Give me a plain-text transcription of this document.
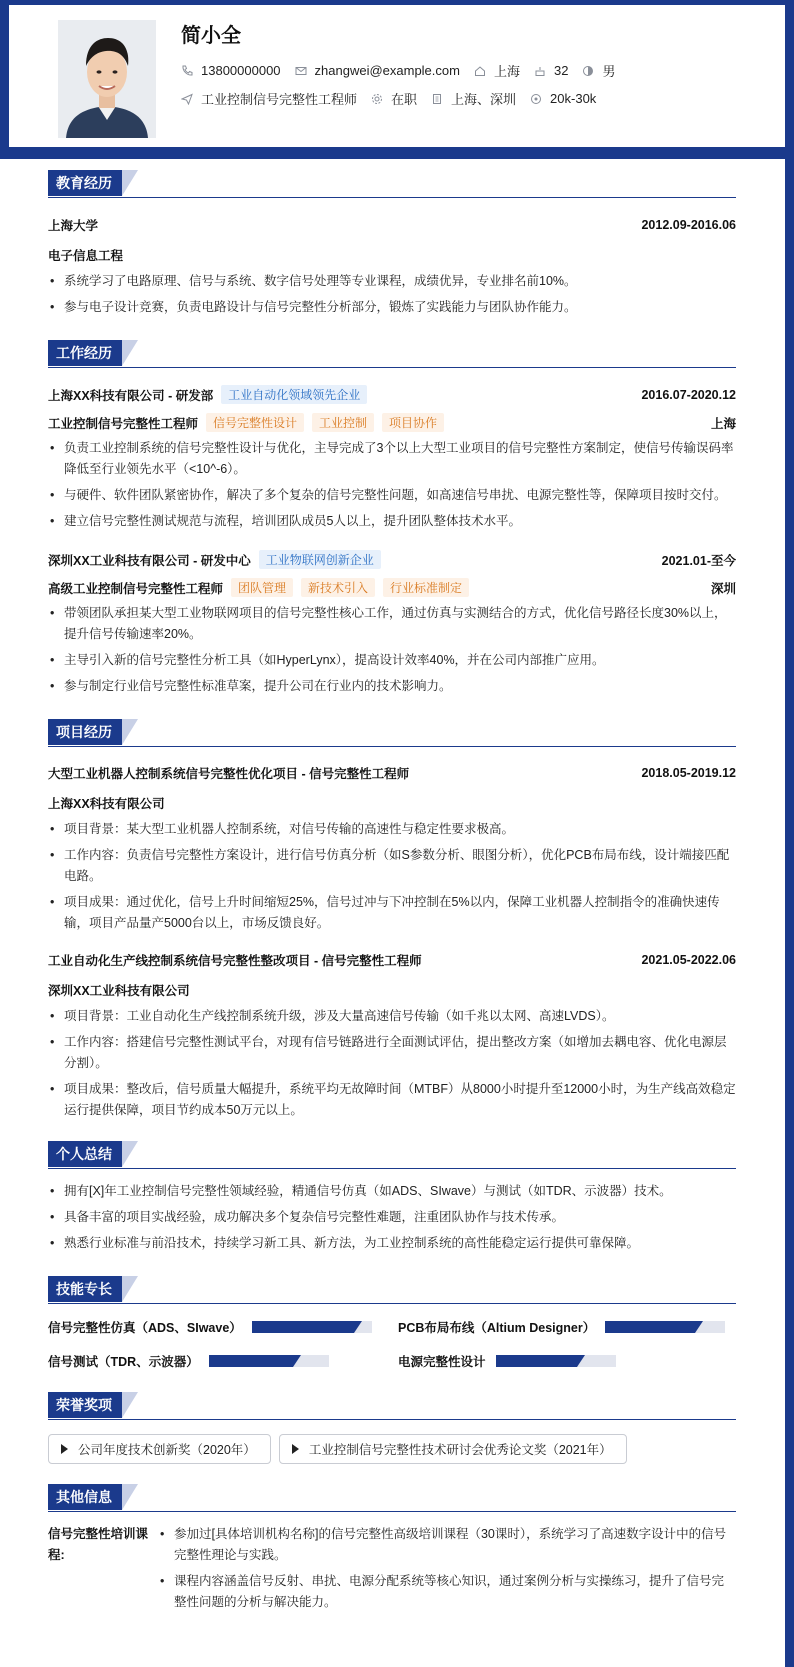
简小全
13800000000	zhangwei@example.com	上海	32	男
工业控制信号完整性工程师	在职	上海、深圳	20k-30k
教育经历
上海大学	2012.09-2016.06
电子信息工程
• 系统学习了电路原理、信号与系统、数字信号处理等专业课程，成绩优异，专业排名前10%。
• 参与电子设计竞赛，负责电路设计与信号完整性分析部分，锻炼了实践能力与团队协作能力。
工作经历
上海XX科技有限公司 - 研发部	工业自动化领域领先企业	2016.07-2020.12
工业控制信号完整性工程师	信号完整性设计	工业控制	项目协作	上海
• 负责工业控制系统的信号完整性设计与优化，主导完成了3个以上大型工业项目的信号完整性方案制定，使信号传输误码率降低至行业领先水平（<10^-6）。
• 与硬件、软件团队紧密协作，解决了多个复杂的信号完整性问题，如高速信号串扰、电源完整性等，保障项目按时交付。
• 建立信号完整性测试规范与流程，培训团队成员5人以上，提升团队整体技术水平。
深圳XX工业科技有限公司 - 研发中心	工业物联网创新企业	2021.01-至今
高级工业控制信号完整性工程师	团队管理	新技术引入	行业标准制定	深圳
• 带领团队承担某大型工业物联网项目的信号完整性核心工作，通过仿真与实测结合的方式，优化信号路径长度30%以上，提升信号传输速率20%。
• 主导引入新的信号完整性分析工具（如HyperLynx），提高设计效率40%，并在公司内部推广应用。
• 参与制定行业信号完整性标准草案，提升公司在行业内的技术影响力。
项目经历
大型工业机器人控制系统信号完整性优化项目 - 信号完整性工程师	2018.05-2019.12
上海XX科技有限公司
• 项目背景：某大型工业机器人控制系统，对信号传输的高速性与稳定性要求极高。
• 工作内容：负责信号完整性方案设计，进行信号仿真分析（如S参数分析、眼图分析），优化PCB布局布线，设计端接匹配电路。
• 项目成果：通过优化，信号上升时间缩短25%，信号过冲与下冲控制在5%以内，保障工业机器人控制指令的准确快速传输，项目产品量产5000台以上，市场反馈良好。
工业自动化生产线控制系统信号完整性整改项目 - 信号完整性工程师	2021.05-2022.06
深圳XX工业科技有限公司
• 项目背景：工业自动化生产线控制系统升级，涉及大量高速信号传输（如千兆以太网、高速LVDS）。
• 工作内容：搭建信号完整性测试平台，对现有信号链路进行全面测试评估，提出整改方案（如增加去耦电容、优化电源层分割）。
• 项目成果：整改后，信号质量大幅提升，系统平均无故障时间（MTBF）从8000小时提升至12000小时，为生产线高效稳定运行提供保障，项目节约成本50万元以上。
个人总结
• 拥有[X]年工业控制信号完整性领域经验，精通信号仿真（如ADS、SIwave）与测试（如TDR、示波器）技术。
• 具备丰富的项目实战经验，成功解决多个复杂信号完整性难题，注重团队协作与技术传承。
• 熟悉行业标准与前沿技术，持续学习新工具、新方法，为工业控制系统的高性能稳定运行提供可靠保障。
技能专长
信号完整性仿真（ADS、SIwave）	PCB布局布线（Altium Designer）
信号测试（TDR、示波器）	电源完整性设计
荣誉奖项
公司年度技术创新奖（2020年）	工业控制信号完整性技术研讨会优秀论文奖（2021年）
其他信息
信号完整性培训课程:
• 参加过[具体培训机构名称]的信号完整性高级培训课程（30课时），系统学习了高速数字设计中的信号完整性理论与实践。
• 课程内容涵盖信号反射、串扰、电源分配系统等核心知识，通过案例分析与实操练习，提升了信号完整性问题的分析与解决能力。
